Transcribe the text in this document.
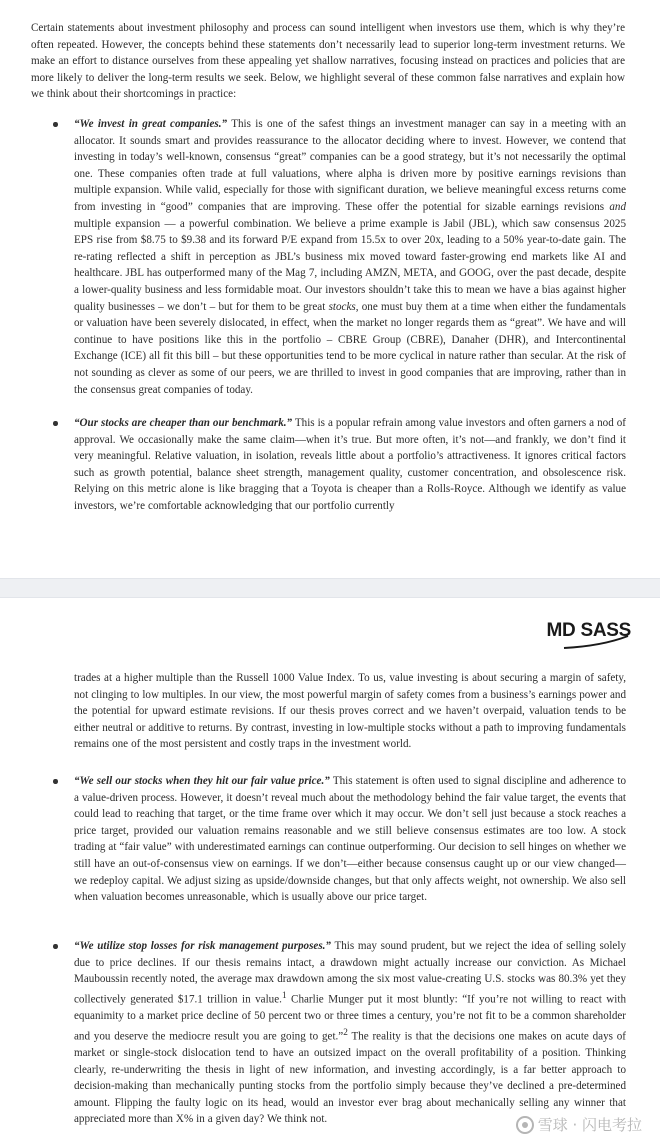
Certain statements about investment philosophy and process can sound intelligent when investors use them, which is why they’re often repeated. However, the concepts behind these statements don’t necessarily lead to superior long-term investment returns. We make an effort to distance ourselves from these appealing yet shallow narratives, focusing instead on practices and policies that are more likely to deliver the long-term results we seek. Below, we highlight several of these common false narratives and explain how we think about their shortcomings in practice:

“We invest in great companies.” This is one of the safest things an investment manager can say in a meeting with an allocator. It sounds smart and provides reassurance to the allocator deciding where to invest. However, we contend that investing in today’s well-known, consensus “great” companies can be a good strategy, but it’s not necessarily the optimal one. These companies often trade at full valuations, where alpha is driven more by positive earnings revisions than multiple expansion. While valid, especially for those with significant duration, we believe meaningful excess returns come from investing in “good” companies that are improving. These offer the potential for sizable earnings revisions and multiple expansion — a powerful combination. We believe a prime example is Jabil (JBL), which saw consensus 2025 EPS rise from $8.75 to $9.38 and its forward P/E expand from 15.5x to over 20x, leading to a 50% year-to-date gain. The re-rating reflected a shift in perception as JBL’s business mix moved toward faster-growing end markets like AI and healthcare. JBL has outperformed many of the Mag 7, including AMZN, META, and GOOG, over the past decade, despite a lower-quality business and less formidable moat. Our investors shouldn’t take this to mean we have a bias against higher quality businesses – we don’t – but for them to be great stocks, one must buy them at a time when either the fundamentals or valuation have been severely dislocated, in effect, when the market no longer regards them as “great”. We have and will continue to have positions like this in the portfolio – CBRE Group (CBRE), Danaher (DHR), and Intercontinental Exchange (ICE) all fit this bill – but these opportunities tend to be more cyclical in nature rather than secular. At the risk of not sounding as clever as some of our peers, we are thrilled to invest in good companies that are improving, rather than in the consensus great companies of today.

“Our stocks are cheaper than our benchmark.” This is a popular refrain among value investors and often garners a nod of approval. We occasionally make the same claim—when it’s true. But more often, it’s not—and frankly, we don’t find it very meaningful. Relative valuation, in isolation, reveals little about a portfolio’s attractiveness. It ignores critical factors such as growth potential, balance sheet strength, management quality, customer concentration, and obsolescence risk. Relying on this metric alone is like bragging that a Toyota is cheaper than a Rolls-Royce. Although we identify as value investors, we’re comfortable acknowledging that our portfolio currently

MD SASS

trades at a higher multiple than the Russell 1000 Value Index. To us, value investing is about securing a margin of safety, not clinging to low multiples. In our view, the most powerful margin of safety comes from a business’s earnings power and the potential for upward estimate revisions. If our thesis proves correct and we haven’t overpaid, valuation tends to be either neutral or additive to returns. By contrast, investing in low-multiple stocks without a path to improving fundamentals remains one of the most persistent and costly traps in the investment world.

“We sell our stocks when they hit our fair value price.” This statement is often used to signal discipline and adherence to a value-driven process. However, it doesn’t reveal much about the methodology behind the fair value target, the events that could lead to reaching that target, or the time frame over which it may occur. We don’t sell just because a stock reaches a price target, provided our valuation remains reasonable and we still believe consensus estimates are too low. A stock trading at “fair value” with underestimated earnings can continue outperforming. Our decision to sell hinges on whether we still have an out-of-consensus view on earnings. If we don’t—either because consensus caught up or our view changed—we redeploy capital. We adjust sizing as upside/downside changes, but that only affects weight, not ownership. We also sell when valuation becomes unreasonable, which is usually above our price target.

“We utilize stop losses for risk management purposes.” This may sound prudent, but we reject the idea of selling solely due to price declines. If our thesis remains intact, a drawdown might actually increase our conviction. As Michael Mauboussin recently noted, the average max drawdown among the six most value-creating U.S. stocks was 80.3% yet they collectively generated $17.1 trillion in value.$^1$ Charlie Munger put it most bluntly: “If you’re not willing to react with equanimity to a market price decline of 50 percent two or three times a century, you’re not fit to be a common shareholder and you deserve the mediocre result you are going to get.”$^2$ The reality is that the decisions one makes on acute days of market or single-stock dislocation tend to have an outsized impact on the overall profitability of a position. Thinking clearly, re-underwriting the thesis in light of new information, and investing accordingly, is a far better approach to decision-making than mechanically punting stocks from the portfolio simply because they’ve declined a pre-determined amount. Flipping the faulty logic on its head, would an investor ever brag about mechanically selling any winner that appreciated more than X% in a given day? We think not.	雪球 · 闪电考拉
